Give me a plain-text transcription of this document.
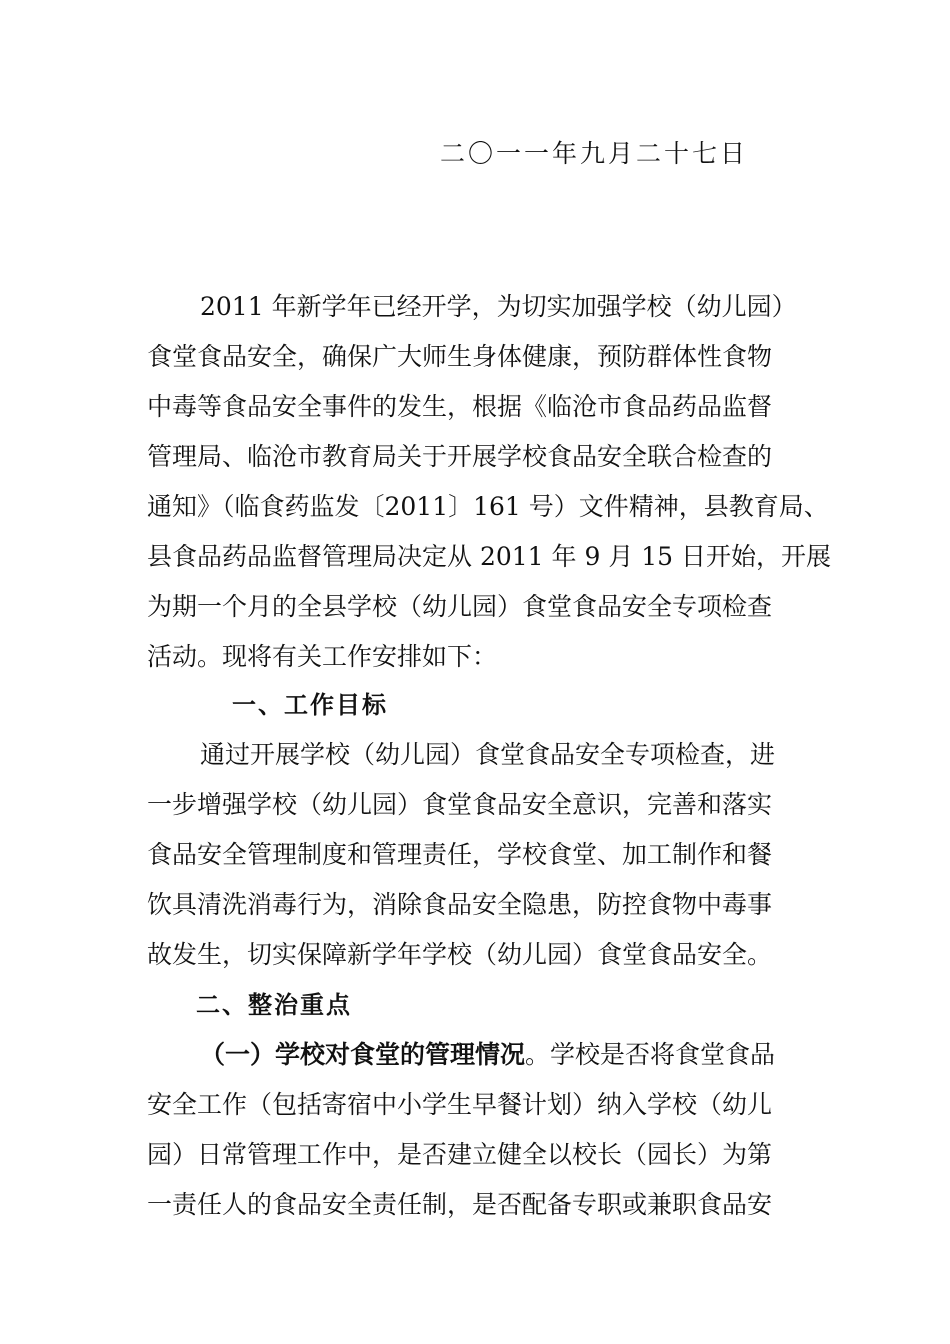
二〇一一年九月二十七日
2011 年新学年已经开学，为切实加强学校（幼儿园）
食堂食品安全，确保广大师生身体健康，预防群体性食物
中毒等食品安全事件的发生，根据《临沧市食品药品监督
管理局、临沧市教育局关于开展学校食品安全联合检查的
通知》（临食药监发〔2011〕161 号）文件精神，县教育局、
县食品药品监督管理局决定从 2011 年 9 月 15 日开始，开展
为期一个月的全县学校（幼儿园）食堂食品安全专项检查
活动。现将有关工作安排如下：
一、工作目标
通过开展学校（幼儿园）食堂食品安全专项检查，进
一步增强学校（幼儿园）食堂食品安全意识，完善和落实
食品安全管理制度和管理责任，学校食堂、加工制作和餐
饮具清洗消毒行为，消除食品安全隐患，防控食物中毒事
故发生，切实保障新学年学校（幼儿园）食堂食品安全。
二、整治重点
（一）学校对食堂的管理情况。学校是否将食堂食品
安全工作（包括寄宿中小学生早餐计划）纳入学校（幼儿
园）日常管理工作中，是否建立健全以校长（园长）为第
一责任人的食品安全责任制，是否配备专职或兼职食品安
